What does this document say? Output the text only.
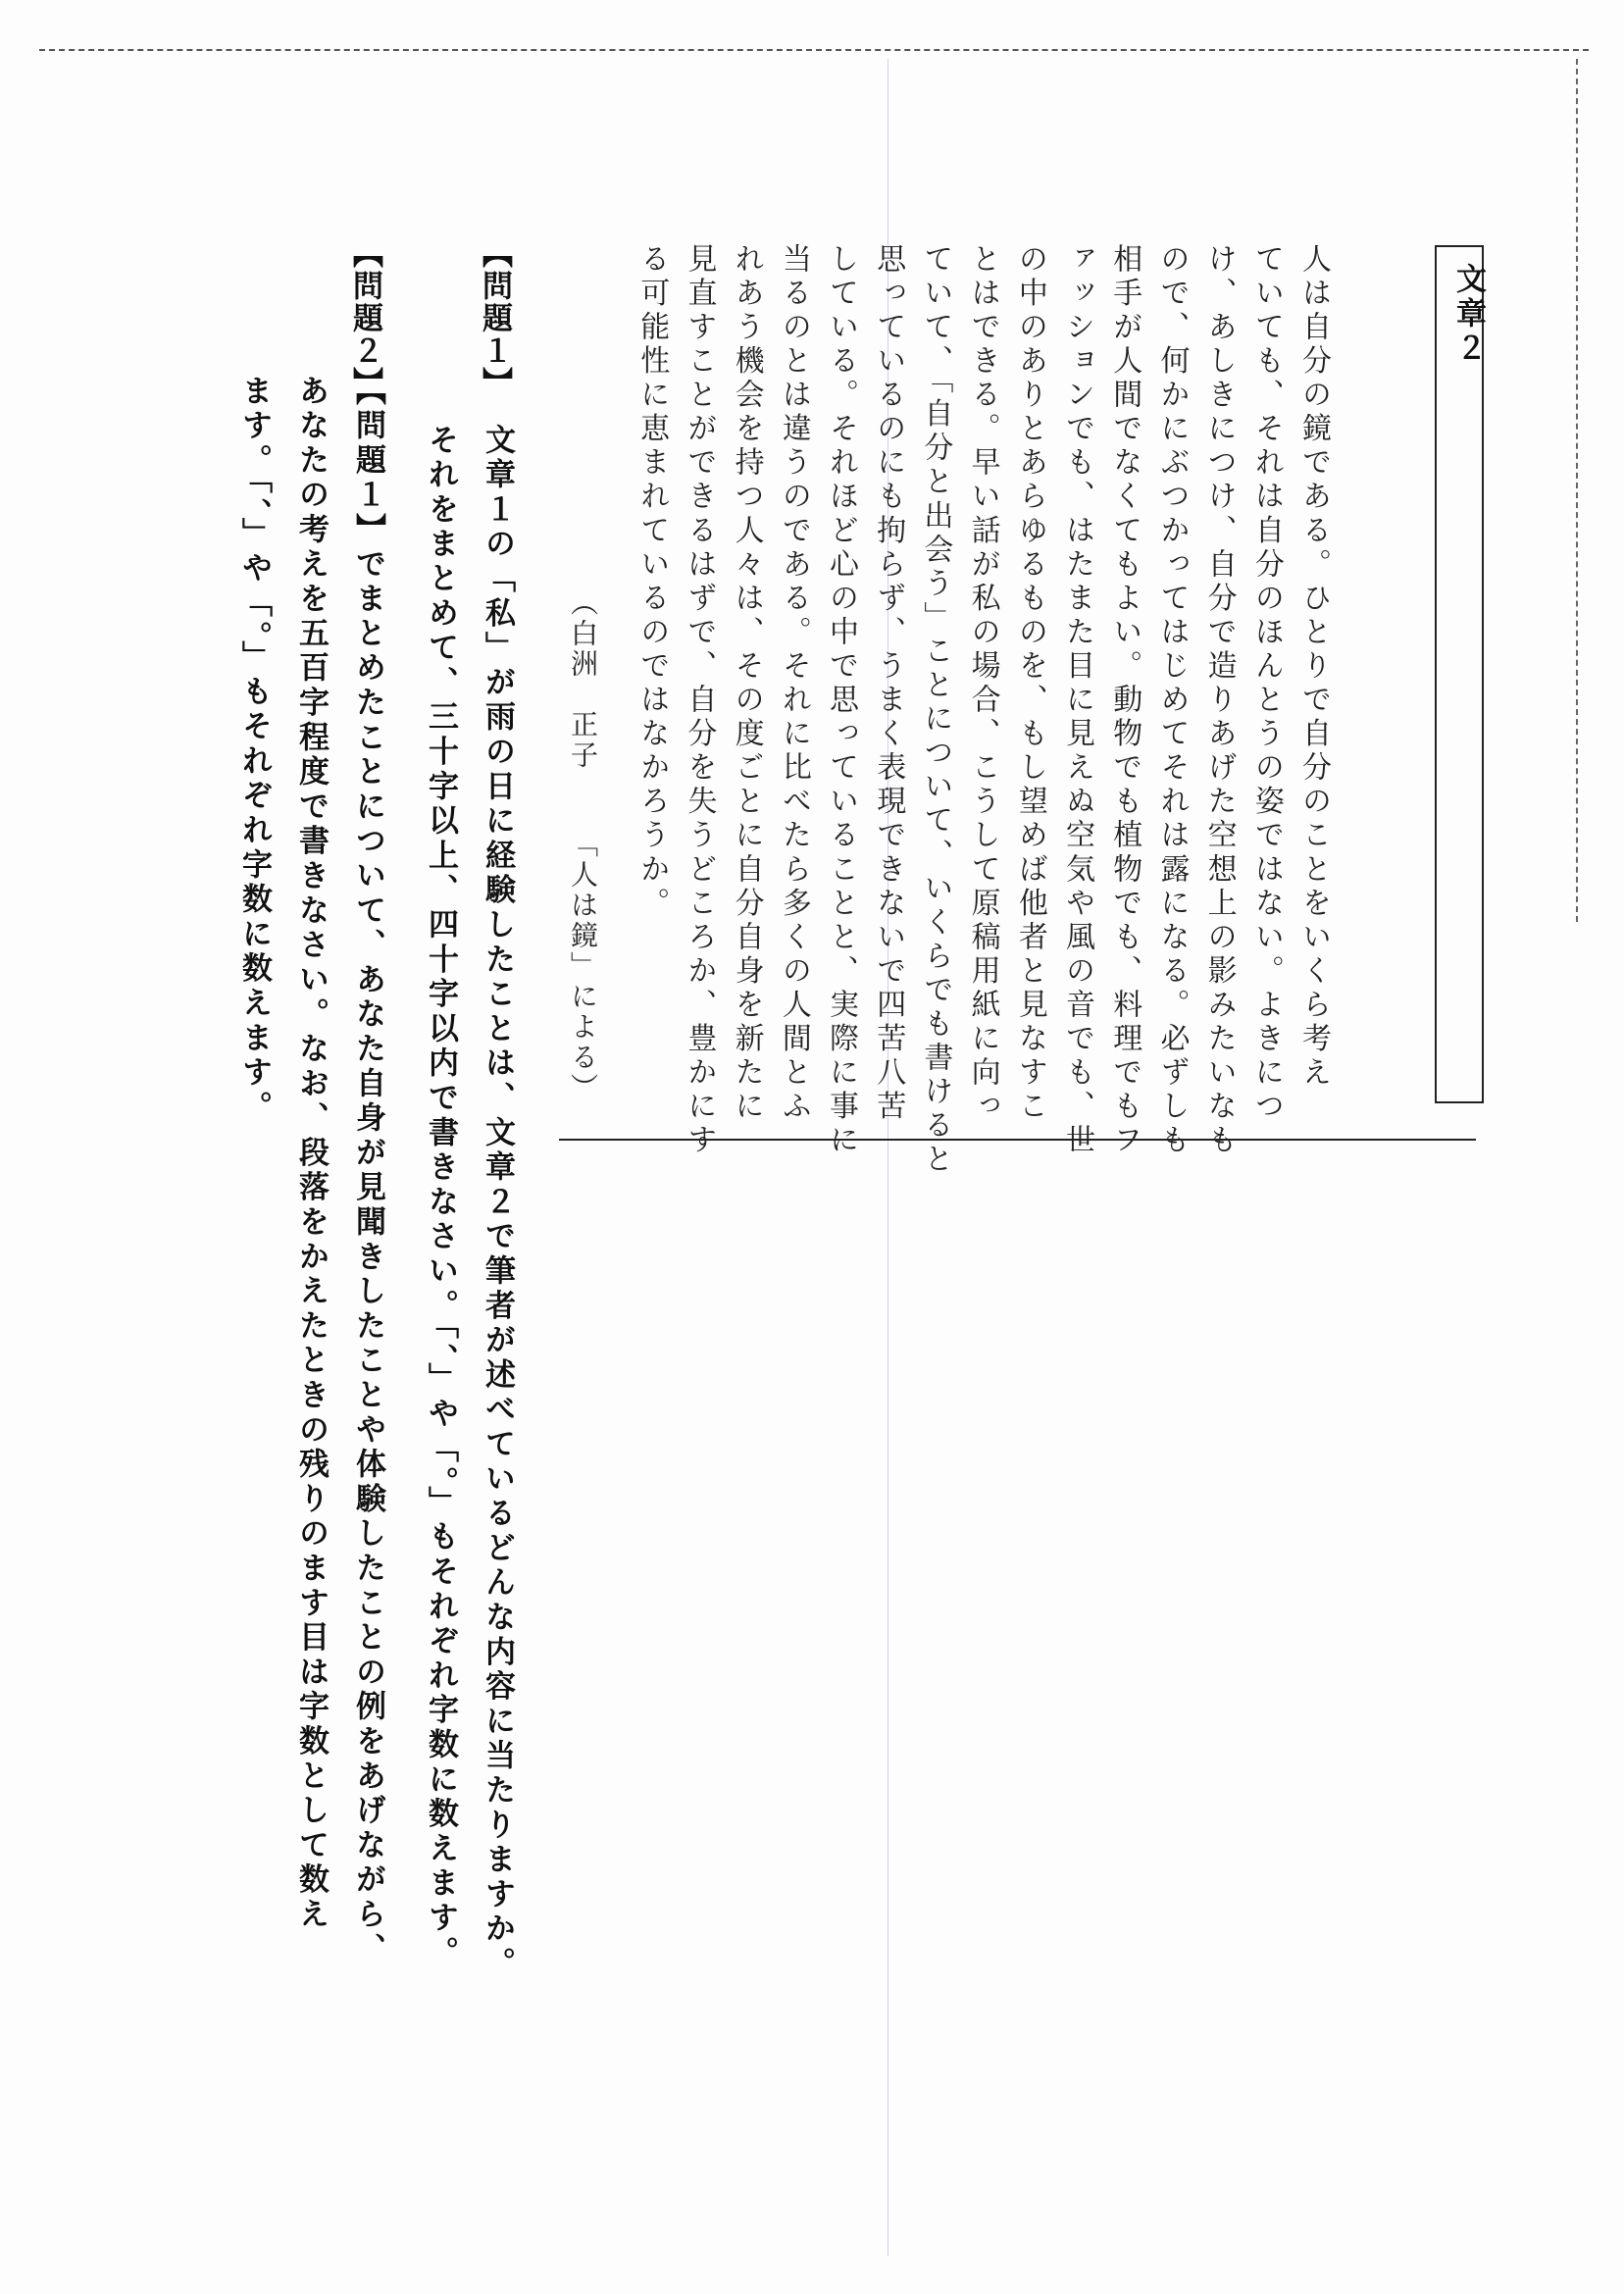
文章２
人は自分の鏡である。ひとりで自分のことをいくら考え
ていても、それは自分のほんとうの姿ではない。よきにつ
け、あしきにつけ、自分で造りあげた空想上の影みたいなも
ので、何かにぶつかってはじめてそれは露になる。必ずしも
相手が人間でなくてもよい。動物でも植物でも、料理でもフ
ァッションでも、はたまた目に見えぬ空気や風の音でも、世
の中のありとあらゆるものを、もし望めば他者と見なすこ
とはできる。早い話が私の場合、こうして原稿用紙に向っ
ていて、「自分と出会う」ことについて、いくらでも書けると
思っているのにも拘らず、うまく表現できないで四苦八苦
している。それほど心の中で思っていることと、実際に事に
当るのとは違うのである。それに比べたら多くの人間とふ
れあう機会を持つ人々は、その度ごとに自分自身を新たに
見直すことができるはずで、自分を失うどころか、豊かにす
る可能性に恵まれているのではなかろうか。
（白洲　正子「人は鏡」による）
【問題１】
文章１の「私」が雨の日に経験したことは、文章２で筆者が述べているどんな内容に当たりますか。
それをまとめて、三十字以上、四十字以内で書きなさい。「、」や「。」もそれぞれ字数に数えます。
【問題２】
【問題１】でまとめたことについて、あなた自身が見聞きしたことや体験したことの例をあげながら、
あなたの考えを五百字程度で書きなさい。なお、段落をかえたときの残りのます目は字数として数え
ます。「、」や「。」もそれぞれ字数に数えます。
